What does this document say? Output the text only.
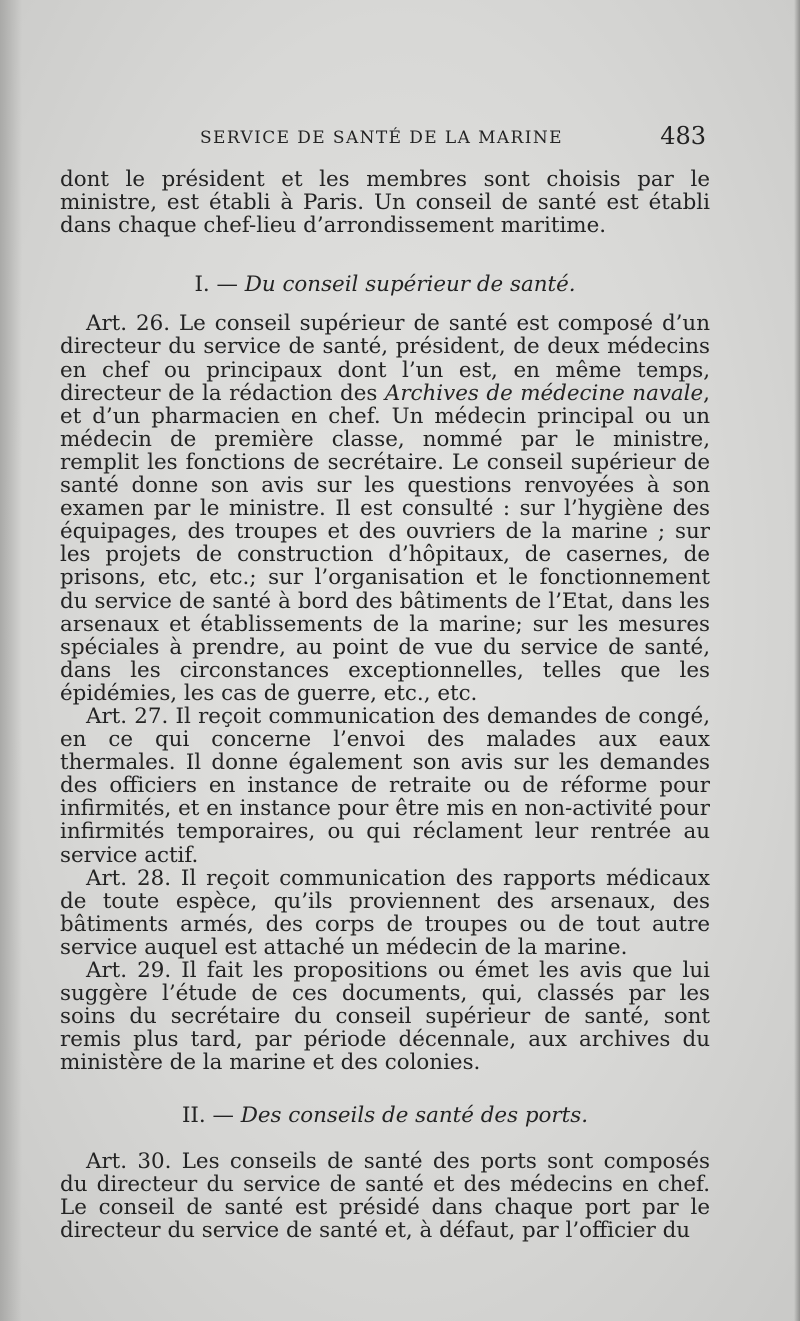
SERVICE DE SANTÉ DE LA MARINE	483

dont le président et les membres sont choisis par le ministre, est établi à Paris. Un conseil de santé est établi dans chaque chef-lieu d’arrondissement maritime.

I. — Du conseil supérieur de santé.

Art. 26. Le conseil supérieur de santé est composé d’un directeur du service de santé, président, de deux médecins en chef ou principaux dont l’un est, en même temps, directeur de la rédaction des Archives de médecine navale, et d’un pharmacien en chef. Un médecin principal ou un médecin de première classe, nommé par le ministre, remplit les fonctions de secrétaire. Le conseil supérieur de santé donne son avis sur les questions renvoyées à son examen par le ministre. Il est consulté : sur l’hygiène des équipages, des troupes et des ouvriers de la marine ; sur les projets de construction d’hôpitaux, de casernes, de prisons, etc, etc.; sur l’organisation et le fonctionnement du service de santé à bord des bâtiments de l’Etat, dans les arsenaux et établissements de la marine; sur les mesures spéciales à prendre, au point de vue du service de santé, dans les circonstances exceptionnelles, telles que les épidémies, les cas de guerre, etc., etc.

Art. 27. Il reçoit communication des demandes de congé, en ce qui concerne l’envoi des malades aux eaux thermales. Il donne également son avis sur les demandes des officiers en instance de retraite ou de réforme pour infirmités, et en instance pour être mis en non-activité pour infirmités temporaires, ou qui réclament leur rentrée au service actif.

Art. 28. Il reçoit communication des rapports médicaux de toute espèce, qu’ils proviennent des arsenaux, des bâtiments armés, des corps de troupes ou de tout autre service auquel est attaché un médecin de la marine.

Art. 29. Il fait les propositions ou émet les avis que lui suggère l’étude de ces documents, qui, classés par les soins du secrétaire du conseil supérieur de santé, sont remis plus tard, par période décennale, aux archives du ministère de la marine et des colonies.

II. — Des conseils de santé des ports.

Art. 30. Les conseils de santé des ports sont composés du directeur du service de santé et des médecins en chef. Le conseil de santé est présidé dans chaque port par le directeur du service de santé et, à défaut, par l’officier du
